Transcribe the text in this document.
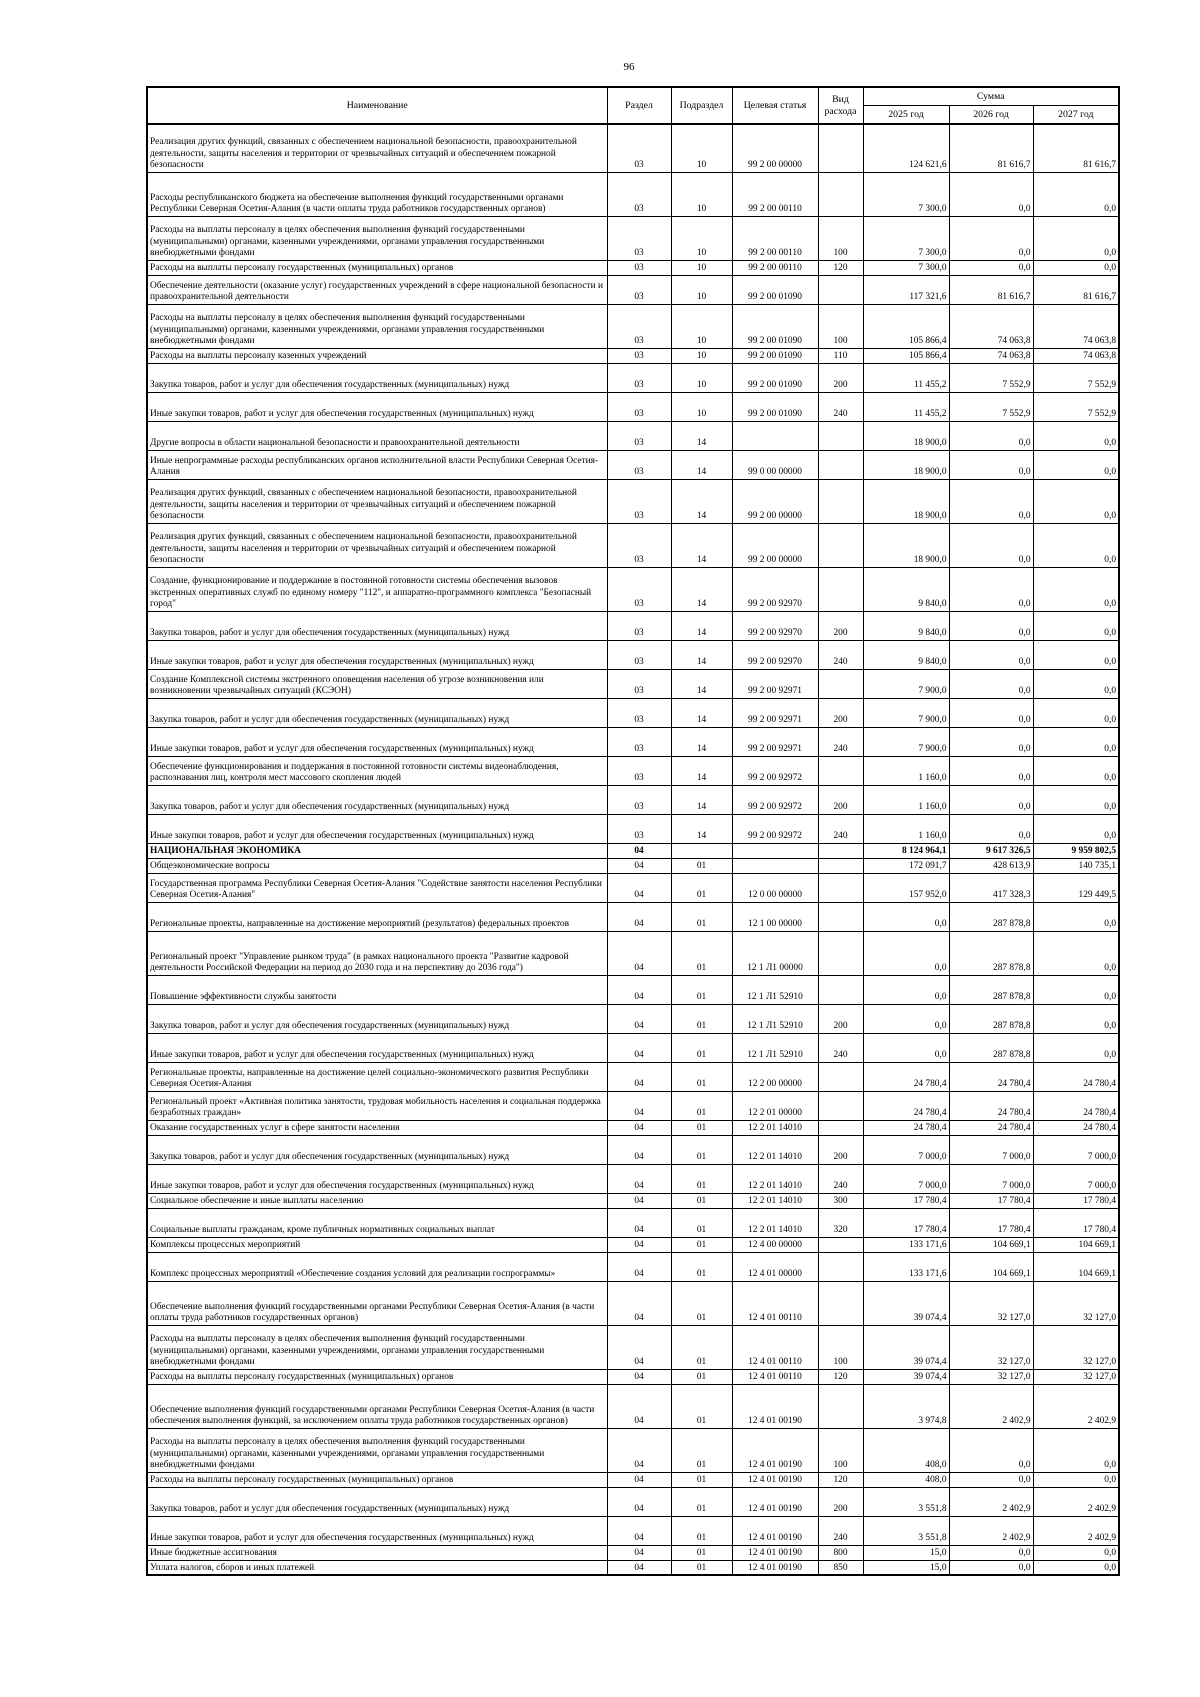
96
Наименование	Раздел	Подраздел	Целевая статья	Вид расхода	Сумма		
					2025 год	2026 год	2027 год
Реализация других функций, связанных с обеспечением национальной безопасности, правоохранительной деятельности, защиты населения и территории от чрезвычайных ситуаций и обеспечением пожарной безопасности	03	10	99 2 00 00000		124 621,6	81 616,7	81 616,7
Расходы республиканского бюджета на обеспечение выполнения функций государственными органами Республики Северная Осетия-Алания (в части оплаты труда работников государственных органов)	03	10	99 2 00 00110		7 300,0	0,0	0,0
Расходы на выплаты персоналу в целях обеспечения выполнения функций государственными (муниципальными) органами, казенными учреждениями, органами управления государственными внебюджетными фондами	03	10	99 2 00 00110	100	7 300,0	0,0	0,0
Расходы на выплаты персоналу государственных (муниципальных) органов	03	10	99 2 00 00110	120	7 300,0	0,0	0,0
Обеспечение деятельности (оказание услуг) государственных учреждений в сфере национальной безопасности и правоохранительной деятельности	03	10	99 2 00 01090		117 321,6	81 616,7	81 616,7
Расходы на выплаты персоналу в целях обеспечения выполнения функций государственными (муниципальными) органами, казенными учреждениями, органами управления государственными внебюджетными фондами	03	10	99 2 00 01090	100	105 866,4	74 063,8	74 063,8
Расходы на выплаты персоналу казенных учреждений	03	10	99 2 00 01090	110	105 866,4	74 063,8	74 063,8
Закупка товаров, работ и услуг для обеспечения государственных (муниципальных) нужд	03	10	99 2 00 01090	200	11 455,2	7 552,9	7 552,9
Иные закупки товаров, работ и услуг для обеспечения государственных (муниципальных) нужд	03	10	99 2 00 01090	240	11 455,2	7 552,9	7 552,9
Другие вопросы в области национальной безопасности и правоохранительной деятельности	03	14			18 900,0	0,0	0,0
Иные непрограммные расходы республиканских органов исполнительной власти Республики Северная Осетия-Алания	03	14	99 0 00 00000		18 900,0	0,0	0,0
Реализация других функций, связанных с обеспечением национальной безопасности, правоохранительной деятельности, защиты населения и территории от чрезвычайных ситуаций и обеспечением пожарной безопасности	03	14	99 2 00 00000		18 900,0	0,0	0,0
Реализация других функций, связанных с обеспечением национальной безопасности, правоохранительной деятельности, защиты населения и территории от чрезвычайных ситуаций и обеспечением пожарной безопасности	03	14	99 2 00 00000		18 900,0	0,0	0,0
Создание, функционирование и поддержание в постоянной готовности системы обеспечения вызовов экстренных оперативных служб по единому номеру "112", и аппаратно-программного комплекса "Безопасный город"	03	14	99 2 00 92970		9 840,0	0,0	0,0
Закупка товаров, работ и услуг для обеспечения государственных (муниципальных) нужд	03	14	99 2 00 92970	200	9 840,0	0,0	0,0
Иные закупки товаров, работ и услуг для обеспечения государственных (муниципальных) нужд	03	14	99 2 00 92970	240	9 840,0	0,0	0,0
Создание Комплексной системы экстренного оповещения населения об угрозе возникновения или возникновении чрезвычайных ситуаций (КСЭОН)	03	14	99 2 00 92971		7 900,0	0,0	0,0
Закупка товаров, работ и услуг для обеспечения государственных (муниципальных) нужд	03	14	99 2 00 92971	200	7 900,0	0,0	0,0
Иные закупки товаров, работ и услуг для обеспечения государственных (муниципальных) нужд	03	14	99 2 00 92971	240	7 900,0	0,0	0,0
Обеспечение функционирования и поддержания в постоянной готовности системы видеонаблюдения, распознавания лиц, контроля мест массового скопления людей	03	14	99 2 00 92972		1 160,0	0,0	0,0
Закупка товаров, работ и услуг для обеспечения государственных (муниципальных) нужд	03	14	99 2 00 92972	200	1 160,0	0,0	0,0
Иные закупки товаров, работ и услуг для обеспечения государственных (муниципальных) нужд	03	14	99 2 00 92972	240	1 160,0	0,0	0,0
НАЦИОНАЛЬНАЯ ЭКОНОМИКА	04				8 124 964,1	9 617 326,5	9 959 802,5
Общеэкономические вопросы	04	01			172 091,7	428 613,9	140 735,1
Государственная программа Республики Северная Осетия-Алания "Содействие занятости населения Республики Северная Осетия-Алания"	04	01	12 0 00 00000		157 952,0	417 328,3	129 449,5
Региональные проекты, направленные на достижение мероприятий (результатов) федеральных проектов	04	01	12 1 00 00000		0,0	287 878,8	0,0
Региональный проект "Управление рынком труда" (в рамках национального проекта "Развитие кадровой деятельности Российской Федерации на период до 2030 года и на перспективу до 2036 года")	04	01	12 1 Л1 00000		0,0	287 878,8	0,0
Повышение эффективности службы занятости	04	01	12 1 Л1 52910		0,0	287 878,8	0,0
Закупка товаров, работ и услуг для обеспечения государственных (муниципальных) нужд	04	01	12 1 Л1 52910	200	0,0	287 878,8	0,0
Иные закупки товаров, работ и услуг для обеспечения государственных (муниципальных) нужд	04	01	12 1 Л1 52910	240	0,0	287 878,8	0,0
Региональные проекты, направленные на достижение целей социально-экономического развития Республики Северная Осетия-Алания	04	01	12 2 00 00000		24 780,4	24 780,4	24 780,4
Региональный проект «Активная политика занятости, трудовая мобильность населения и социальная поддержка безработных граждан»	04	01	12 2 01 00000		24 780,4	24 780,4	24 780,4
Оказание государственных услуг в сфере занятости населения	04	01	12 2 01 14010		24 780,4	24 780,4	24 780,4
Закупка товаров, работ и услуг для обеспечения государственных (муниципальных) нужд	04	01	12 2 01 14010	200	7 000,0	7 000,0	7 000,0
Иные закупки товаров, работ и услуг для обеспечения государственных (муниципальных) нужд	04	01	12 2 01 14010	240	7 000,0	7 000,0	7 000,0
Социальное обеспечение и иные выплаты населению	04	01	12 2 01 14010	300	17 780,4	17 780,4	17 780,4
Социальные выплаты гражданам, кроме публичных нормативных социальных выплат	04	01	12 2 01 14010	320	17 780,4	17 780,4	17 780,4
Комплексы процессных мероприятий	04	01	12 4 00 00000		133 171,6	104 669,1	104 669,1
Комплекс процессных мероприятий «Обеспечение создания условий для реализации госпрограммы»	04	01	12 4 01 00000		133 171,6	104 669,1	104 669,1
Обеспечение выполнения функций государственными органами Республики Северная Осетия-Алания (в части оплаты труда работников государственных органов)	04	01	12 4 01 00110		39 074,4	32 127,0	32 127,0
Расходы на выплаты персоналу в целях обеспечения выполнения функций государственными (муниципальными) органами, казенными учреждениями, органами управления государственными внебюджетными фондами	04	01	12 4 01 00110	100	39 074,4	32 127,0	32 127,0
Расходы на выплаты персоналу государственных (муниципальных) органов	04	01	12 4 01 00110	120	39 074,4	32 127,0	32 127,0
Обеспечение выполнения функций государственными органами Республики Северная Осетия-Алания (в части обеспечения выполнения функций, за исключением оплаты труда работников государственных органов)	04	01	12 4 01 00190		3 974,8	2 402,9	2 402,9
Расходы на выплаты персоналу в целях обеспечения выполнения функций государственными (муниципальными) органами, казенными учреждениями, органами управления государственными внебюджетными фондами	04	01	12 4 01 00190	100	408,0	0,0	0,0
Расходы на выплаты персоналу государственных (муниципальных) органов	04	01	12 4 01 00190	120	408,0	0,0	0,0
Закупка товаров, работ и услуг для обеспечения государственных (муниципальных) нужд	04	01	12 4 01 00190	200	3 551,8	2 402,9	2 402,9
Иные закупки товаров, работ и услуг для обеспечения государственных (муниципальных) нужд	04	01	12 4 01 00190	240	3 551,8	2 402,9	2 402,9
Иные бюджетные ассигнования	04	01	12 4 01 00190	800	15,0	0,0	0,0
Уплата налогов, сборов и иных платежей	04	01	12 4 01 00190	850	15,0	0,0	0,0
